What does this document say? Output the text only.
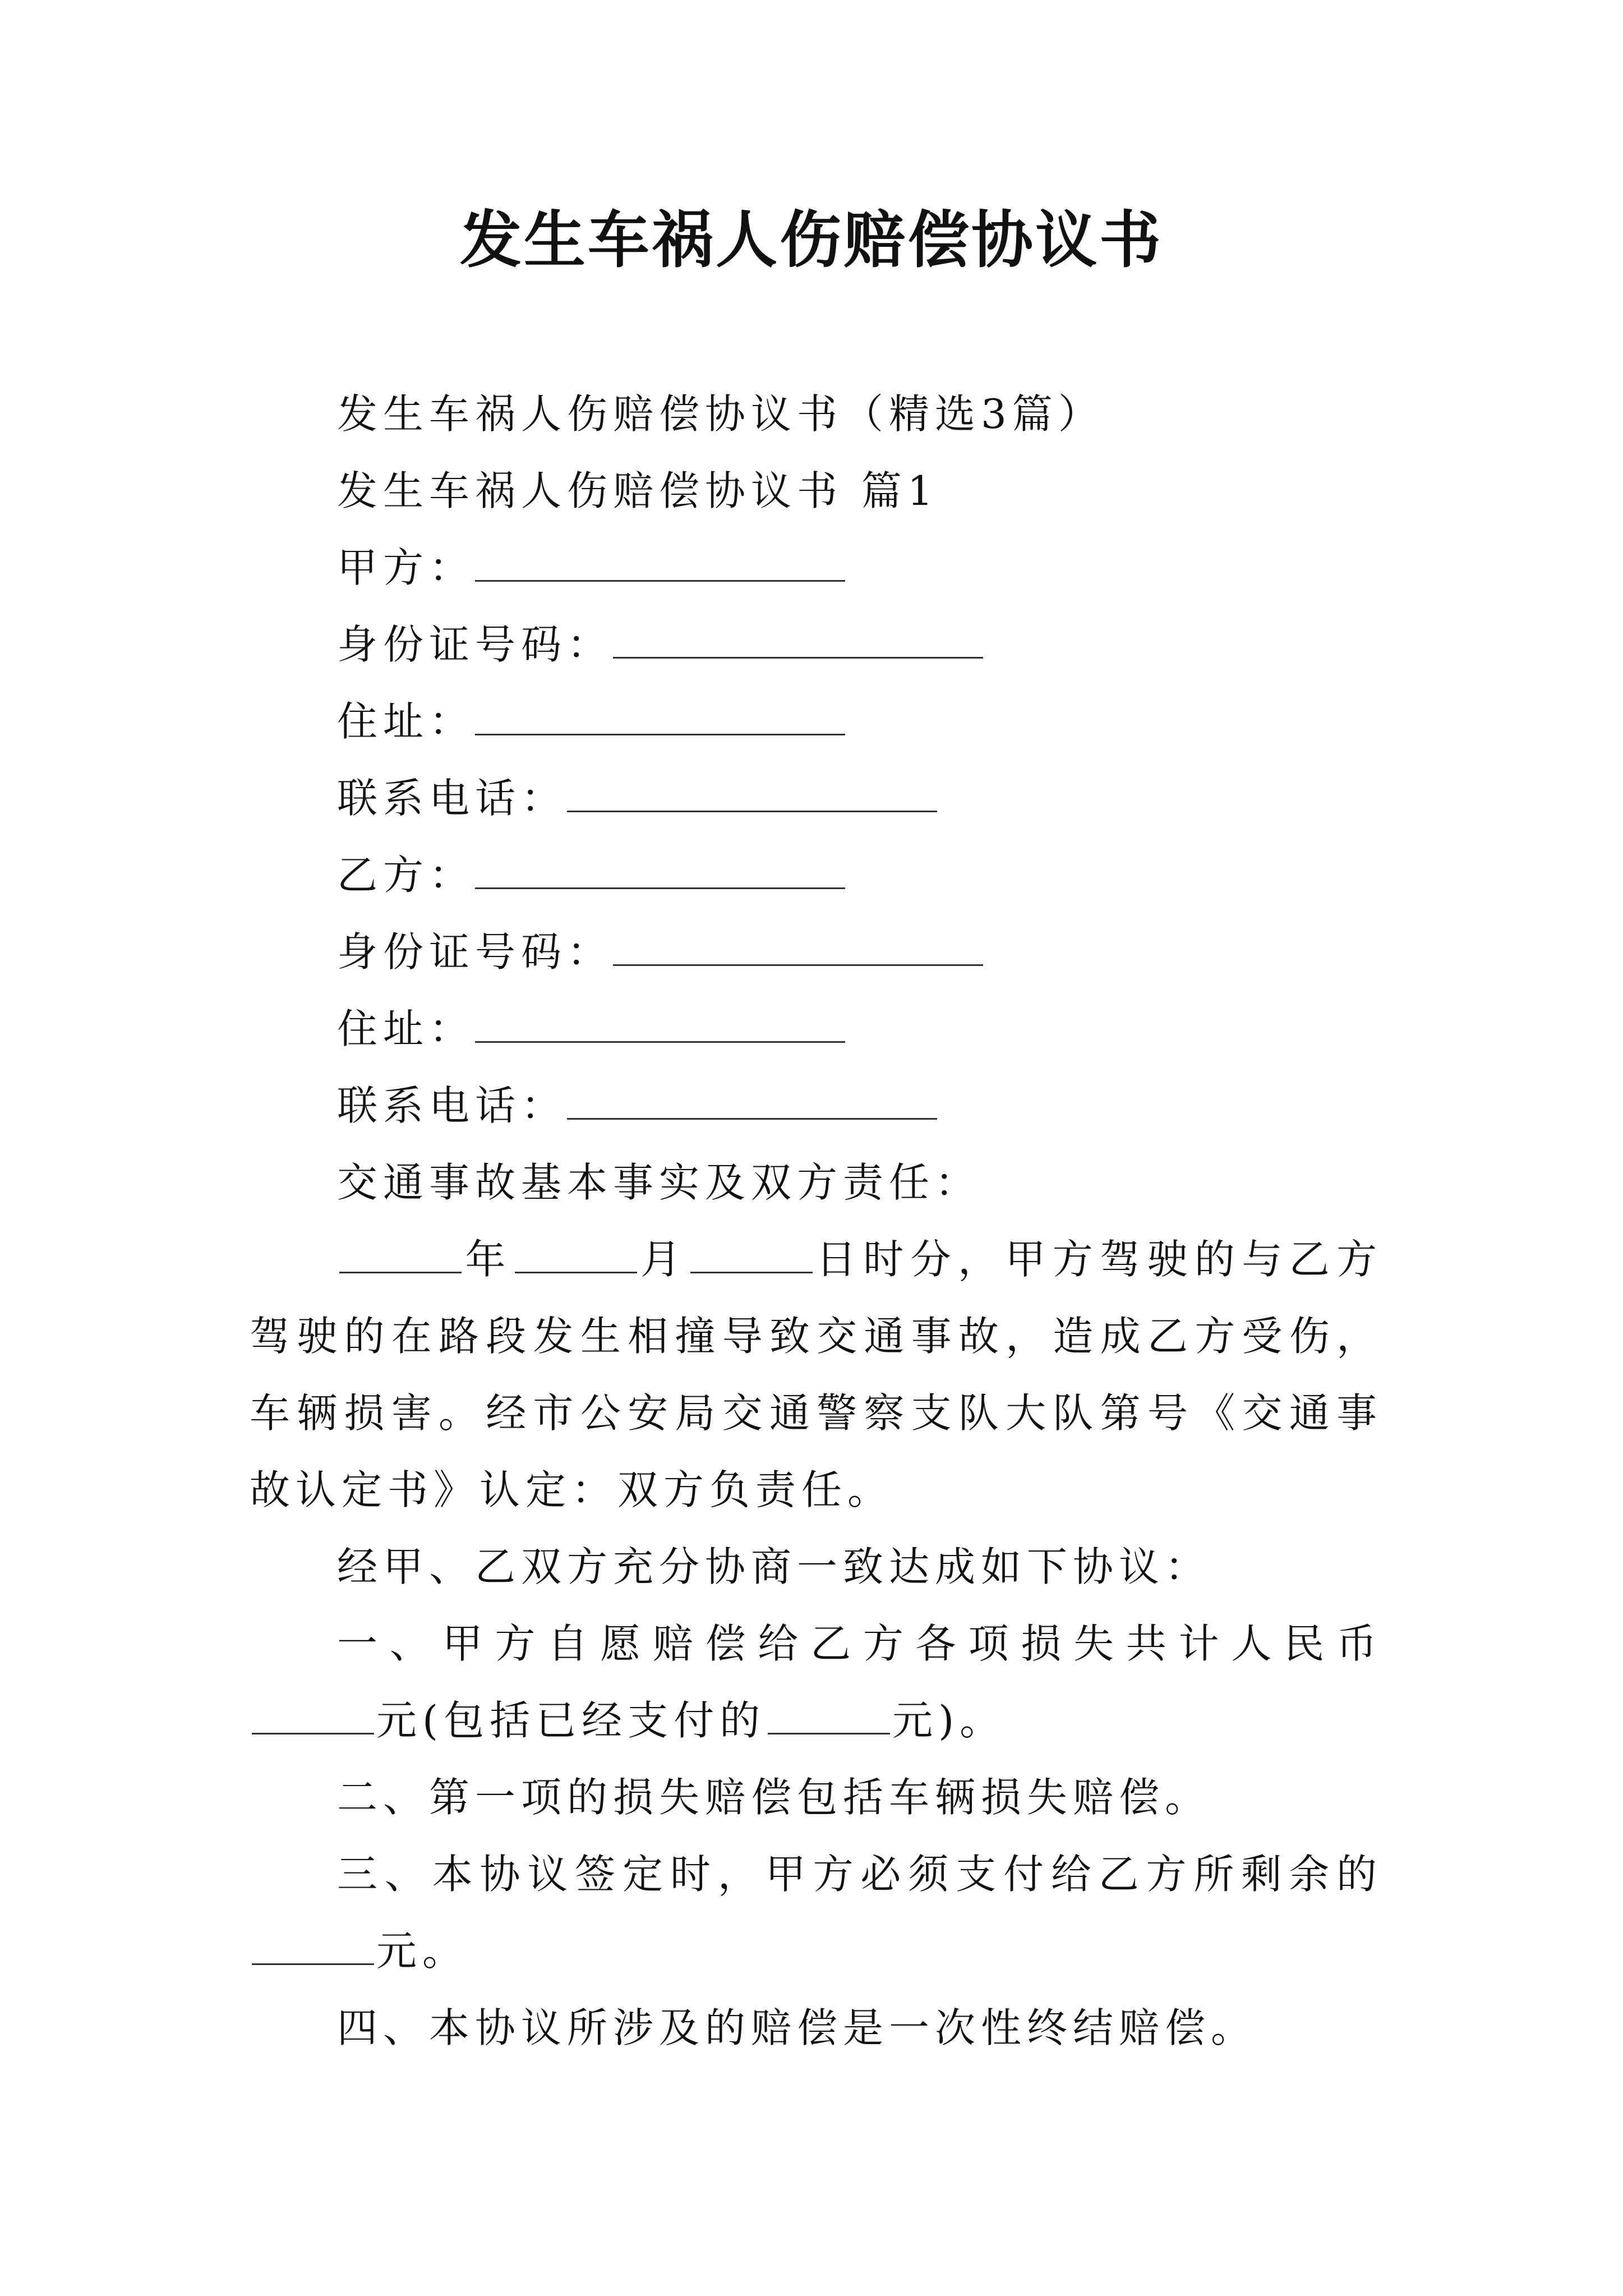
发生车祸人伤赔偿协议书
发生车祸人伤赔偿协议书（精选3篇）
发生车祸人伤赔偿协议书 篇1
甲方：
身份证号码：
住址：
联系电话：
乙方：
身份证号码：
住址：
联系电话：
交通事故基本事实及双方责任：
年	月	日时分，甲方驾驶的与乙方驾驶的在路段发生相撞导致交通事故，造成乙方受伤，车辆损害。经市公安局交通警察支队大队第号《交通事故认定书》认定：双方负责任。
经甲、乙双方充分协商一致达成如下协议：
一、甲方自愿赔偿给乙方各项损失共计人民币元(包括已经支付的	元)。
二、第一项的损失赔偿包括车辆损失赔偿。
三、本协议签定时，甲方必须支付给乙方所剩余的元。
四、本协议所涉及的赔偿是一次性终结赔偿。
